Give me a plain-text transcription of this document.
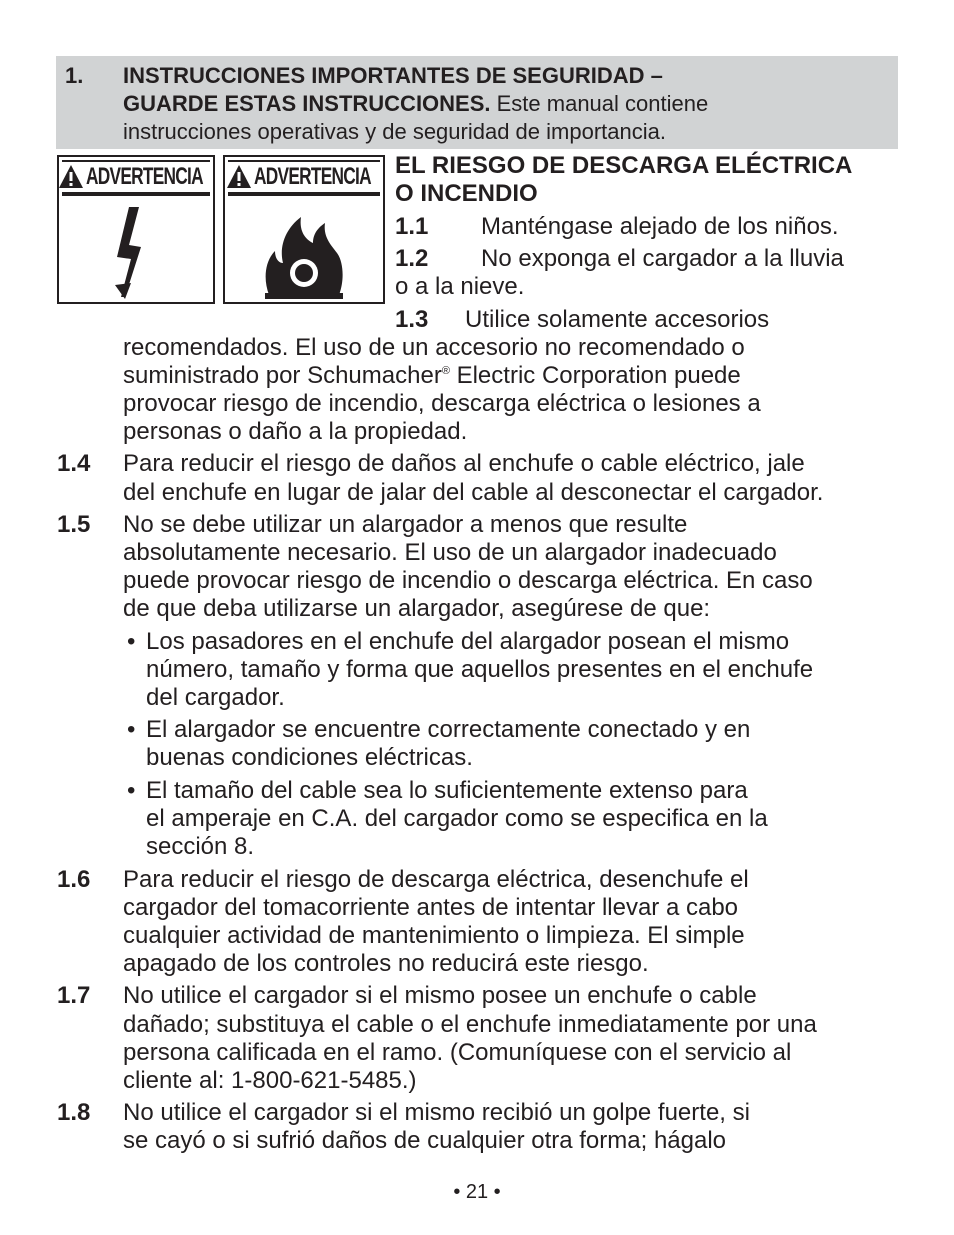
1. INSTRUCCIONES IMPORTANTES DE SEGURIDAD –
GUARDE ESTAS INSTRUCCIONES. Este manual contiene
instrucciones operativas y de seguridad de importancia.
ADVERTENCIA ADVERTENCIA EL RIESGO DE DESCARGA ELÉCTRICA
O INCENDIO
1.1 Manténgase alejado de los niños.
1.2 No exponga el cargador a la lluvia
o a la nieve.
1.3 Utilice solamente accesorios
recomendados. El uso de un accesorio no recomendado o
suministrado por Schumacher® Electric Corporation puede
provocar riesgo de incendio, descarga eléctrica o lesiones a
personas o daño a la propiedad.
1.4 Para reducir el riesgo de daños al enchufe o cable eléctrico, jale
del enchufe en lugar de jalar del cable al desconectar el cargador.
1.5 No se debe utilizar un alargador a menos que resulte
absolutamente necesario. El uso de un alargador inadecuado
puede provocar riesgo de incendio o descarga eléctrica. En caso
de que deba utilizarse un alargador, asegúrese de que:
• Los pasadores en el enchufe del alargador posean el mismo
número, tamaño y forma que aquellos presentes en el enchufe
del cargador.
• El alargador se encuentre correctamente conectado y en
buenas condiciones eléctricas.
• El tamaño del cable sea lo suficientemente extenso para
el amperaje en C.A. del cargador como se especifica en la
sección 8.
1.6 Para reducir el riesgo de descarga eléctrica, desenchufe el
cargador del tomacorriente antes de intentar llevar a cabo
cualquier actividad de mantenimiento o limpieza. El simple
apagado de los controles no reducirá este riesgo.
1.7 No utilice el cargador si el mismo posee un enchufe o cable
dañado; substituya el cable o el enchufe inmediatamente por una
persona calificada en el ramo. (Comuníquese con el servicio al
cliente al: 1-800-621-5485.)
1.8 No utilice el cargador si el mismo recibió un golpe fuerte, si
se cayó o si sufrió daños de cualquier otra forma; hágalo
• 21 •
